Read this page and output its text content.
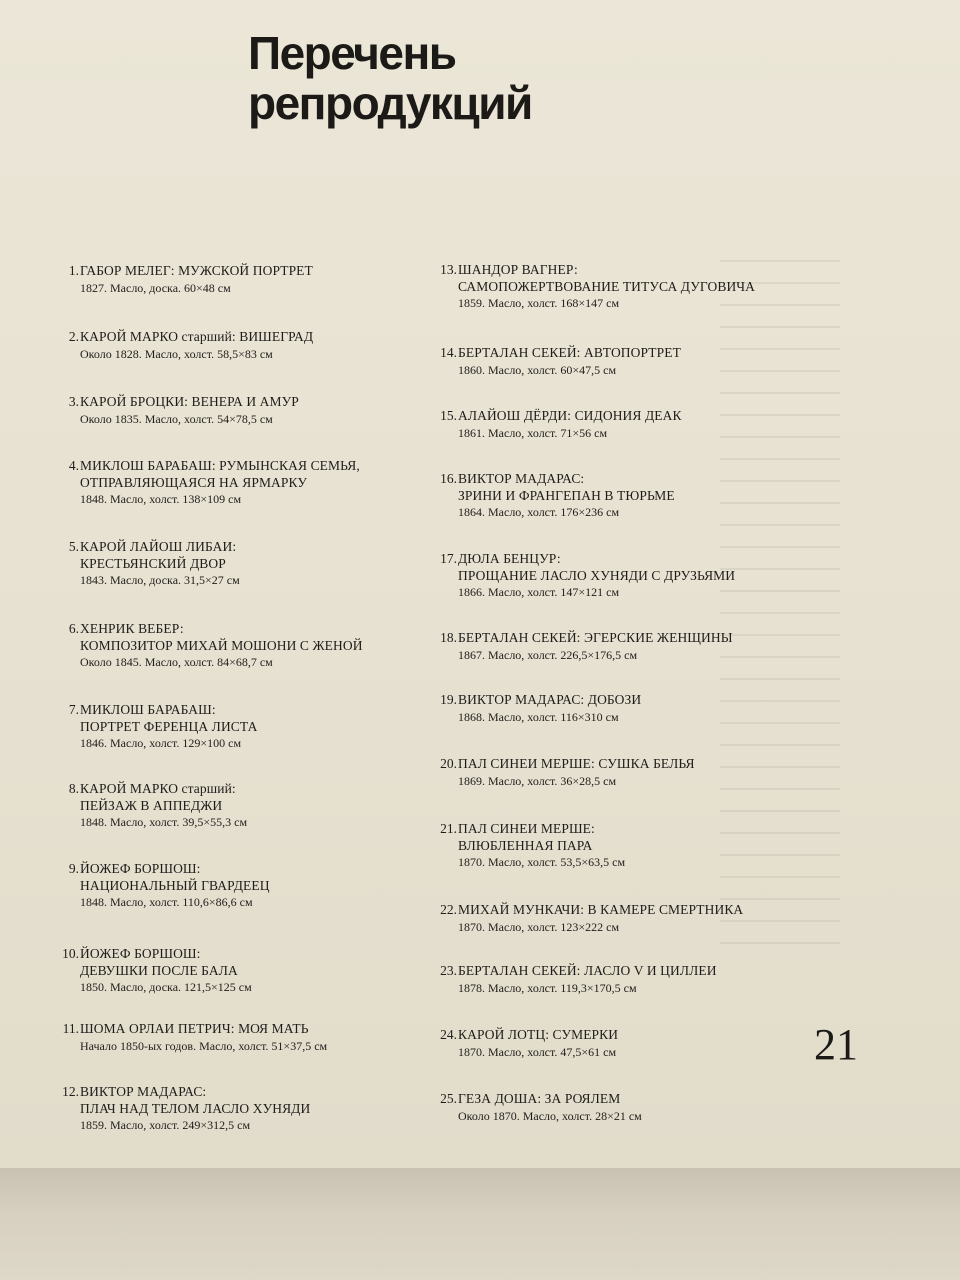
Перечень
репродукций
1. ГАБОР МЕЛЕГ: МУЖСКОЙ ПОРТРЕТ
1827. Масло, доска. 60×48 см
2. КАРОЙ МАРКО старший: ВИШЕГРАД
Около 1828. Масло, холст. 58,5×83 см
3. КАРОЙ БРОЦКИ: ВЕНЕРА И АМУР
Около 1835. Масло, холст. 54×78,5 см
4. МИКЛОШ БАРАБАШ: РУМЫНСКАЯ СЕМЬЯ,
ОТПРАВЛЯЮЩАЯСЯ НА ЯРМАРКУ
1848. Масло, холст. 138×109 см
5. КАРОЙ ЛАЙОШ ЛИБАИ:
КРЕСТЬЯНСКИЙ ДВОР
1843. Масло, доска. 31,5×27 см
6. ХЕНРИК ВЕБЕР:
КОМПОЗИТОР МИХАЙ МОШОНИ С ЖЕНОЙ
Около 1845. Масло, холст. 84×68,7 см
7. МИКЛОШ БАРАБАШ:
ПОРТРЕТ ФЕРЕНЦА ЛИСТА
1846. Масло, холст. 129×100 см
8. КАРОЙ МАРКО старший:
ПЕЙЗАЖ В АППЕДЖИ
1848. Масло, холст. 39,5×55,3 см
9. ЙОЖЕФ БОРШОШ:
НАЦИОНАЛЬНЫЙ ГВАРДЕЕЦ
1848. Масло, холст. 110,6×86,6 см
10. ЙОЖЕФ БОРШОШ:
ДЕВУШКИ ПОСЛЕ БАЛА
1850. Масло, доска. 121,5×125 см
11. ШОМА ОРЛАИ ПЕТРИЧ: МОЯ МАТЬ
Начало 1850-ых годов. Масло, холст. 51×37,5 см
12. ВИКТОР МАДАРАС:
ПЛАЧ НАД ТЕЛОМ ЛАСЛО ХУНЯДИ
1859. Масло, холст. 249×312,5 см
13. ШАНДОР ВАГНЕР:
САМОПОЖЕРТВОВАНИЕ ТИТУСА ДУГОВИЧА
1859. Масло, холст. 168×147 см
14. БЕРТАЛАН СЕКЕЙ: АВТОПОРТРЕТ
1860. Масло, холст. 60×47,5 см
15. АЛАЙОШ ДЁРДИ: СИДОНИЯ ДЕАК
1861. Масло, холст. 71×56 см
16. ВИКТОР МАДАРАС:
ЗРИНИ И ФРАНГЕПАН В ТЮРЬМЕ
1864. Масло, холст. 176×236 см
17. ДЮЛА БЕНЦУР:
ПРОЩАНИЕ ЛАСЛО ХУНЯДИ С ДРУЗЬЯМИ
1866. Масло, холст. 147×121 см
18. БЕРТАЛАН СЕКЕЙ: ЭГЕРСКИЕ ЖЕНЩИНЫ
1867. Масло, холст. 226,5×176,5 см
19. ВИКТОР МАДАРАС: ДОБОЗИ
1868. Масло, холст. 116×310 см
20. ПАЛ СИНЕИ МЕРШЕ: СУШКА БЕЛЬЯ
1869. Масло, холст. 36×28,5 см
21. ПАЛ СИНЕИ МЕРШЕ:
ВЛЮБЛЕННАЯ ПАРА
1870. Масло, холст. 53,5×63,5 см
22. МИХАЙ МУНКАЧИ: В КАМЕРЕ СМЕРТНИКА
1870. Масло, холст. 123×222 см
23. БЕРТАЛАН СЕКЕЙ: ЛАСЛО V И ЦИЛЛЕИ
1878. Масло, холст. 119,3×170,5 см
24. КАРОЙ ЛОТЦ: СУМЕРКИ
1870. Масло, холст. 47,5×61 см
25. ГЕЗА ДОША: ЗА РОЯЛЕМ
Около 1870. Масло, холст. 28×21 см
21
